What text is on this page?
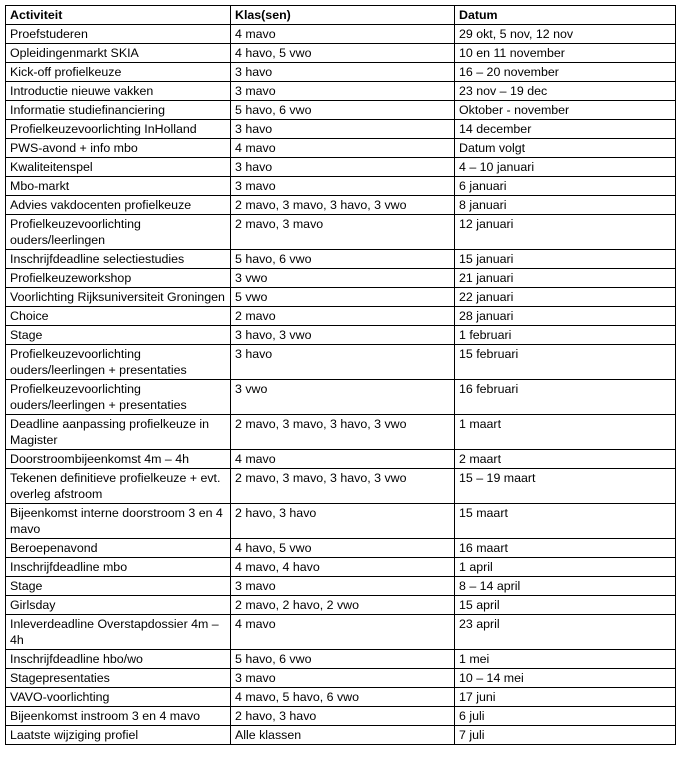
Activiteit	Klas(sen)	Datum
Proefstuderen	4 mavo	29 okt, 5 nov, 12 nov
Opleidingenmarkt SKIA	4 havo, 5 vwo	10 en 11 november
Kick-off profielkeuze	3 havo	16 – 20 november
Introductie nieuwe vakken	3 mavo	23 nov – 19 dec
Informatie studiefinanciering	5 havo, 6 vwo	Oktober - november
Profielkeuzevoorlichting InHolland	3 havo	14 december
PWS-avond + info mbo	4 mavo	Datum volgt
Kwaliteitenspel	3 havo	4 – 10 januari
Mbo-markt	3 mavo	6 januari
Advies vakdocenten profielkeuze	2 mavo, 3 mavo, 3 havo, 3 vwo	8 januari
Profielkeuzevoorlichting ouders/leerlingen	2 mavo, 3 mavo	12 januari
Inschrijfdeadline selectiestudies	5 havo, 6 vwo	15 januari
Profielkeuzeworkshop	3 vwo	21 januari
Voorlichting Rijksuniversiteit Groningen	5 vwo	22 januari
Choice	2 mavo	28 januari
Stage	3 havo, 3 vwo	1 februari
Profielkeuzevoorlichting ouders/leerlingen + presentaties	3 havo	15 februari
Profielkeuzevoorlichting ouders/leerlingen + presentaties	3 vwo	16 februari
Deadline aanpassing profielkeuze in Magister	2 mavo, 3 mavo, 3 havo, 3 vwo	1 maart
Doorstroombijeenkomst 4m – 4h	4 mavo	2 maart
Tekenen definitieve profielkeuze + evt. overleg afstroom	2 mavo, 3 mavo, 3 havo, 3 vwo	15 – 19 maart
Bijeenkomst interne doorstroom 3 en 4 mavo	2 havo, 3 havo	15 maart
Beroepenavond	4 havo, 5 vwo	16 maart
Inschrijfdeadline mbo	4 mavo, 4 havo	1 april
Stage	3 mavo	8 – 14 april
Girlsday	2 mavo, 2 havo, 2 vwo	15 april
Inleverdeadline Overstapdossier 4m – 4h	4 mavo	23 april
Inschrijfdeadline hbo/wo	5 havo, 6 vwo	1 mei
Stagepresentaties	3 mavo	10 – 14 mei
VAVO-voorlichting	4 mavo, 5 havo, 6 vwo	17 juni
Bijeenkomst instroom 3 en 4 mavo	2 havo, 3 havo	6 juli
Laatste wijziging profiel	Alle klassen	7 juli
